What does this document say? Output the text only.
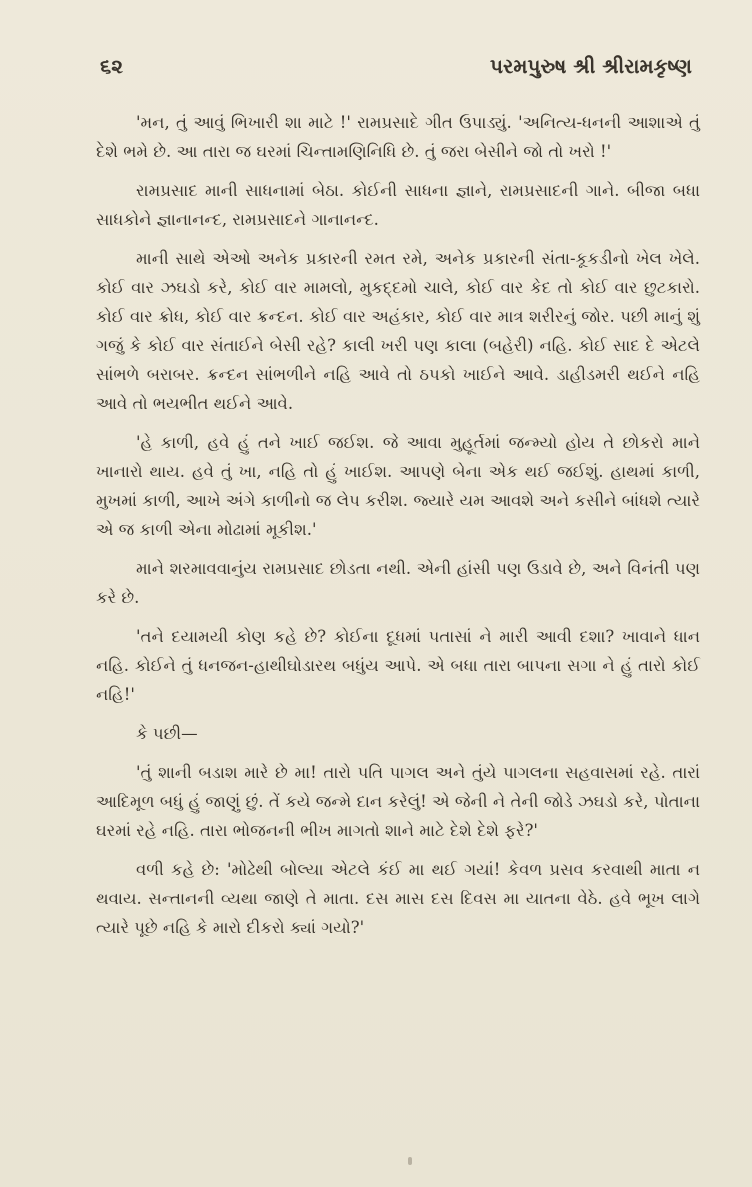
૬૨	પરમપુરુષ શ્રી શ્રીરામકૃષ્ણ

'મન, તું આવું ભિખારી શા માટે !' રામપ્રસાદે ગીત ઉપાડ્યું. 'અનિત્ય-ધનની આશાએ તું દેશે ભમે છે. આ તારા જ ઘરમાં ચિન્તામણિનિધિ છે. તું જરા બેસીને જો તો ખરો !'

રામપ્રસાદ માની સાધનામાં બેઠા. કોઈની સાધના જ્ઞાને, રામપ્રસાદની ગાને. બીજા બધા સાધકોને જ્ઞાનાનન્દ, રામપ્રસાદને ગાનાનન્દ.

માની સાથે એઓ અનેક પ્રકારની રમત રમે, અનેક પ્રકારની સંતા-કૂકડીનો ખેલ ખેલે. કોઈ વાર ઝઘડો કરે, કોઈ વાર મામલો, મુકદ્દમો ચાલે, કોઈ વાર કેદ તો કોઈ વાર છુટકારો. કોઈ વાર ક્રોધ, કોઈ વાર ક્રન્દન. કોઈ વાર અહંકાર, કોઈ વાર માત્ર શરીરનું જોર. પછી માનું શું ગજું કે કોઈ વાર સંતાઈને બેસી રહે? કાલી ખરી પણ કાલા (બહેરી) નહિ. કોઈ સાદ દે એટલે સાંભળે બરાબર. ક્રન્દન સાંભળીને નહિ આવે તો ઠપકો ખાઈને આવે. ડાહીડમરી થઈને નહિ આવે તો ભયભીત થઈને આવે.

'હે કાળી, હવે હું તને ખાઈ જઈશ. જે આવા મુહૂર્તમાં જન્મ્યો હોય તે છોકરો માને ખાનારો થાય. હવે તું ખા, નહિ તો હું ખાઈશ. આપણે બેના એક થઈ જઈશું. હાથમાં કાળી, મુખમાં કાળી, આખે અંગે કાળીનો જ લેપ કરીશ. જ્યારે યમ આવશે અને કસીને બાંધશે ત્યારે એ જ કાળી એના મોઢામાં મૂકીશ.'

માને શરમાવવાનુંય રામપ્રસાદ છોડતા નથી. એની હાંસી પણ ઉડાવે છે, અને વિનંતી પણ કરે છે.

'તને દયામયી કોણ કહે છે? કોઈના દૂધમાં પતાસાં ને મારી આવી દશા? ખાવાને ધાન નહિ. કોઈને તું ધનજન-હાથીઘોડારથ બધુંય આપે. એ બધા તારા બાપના સગા ને હું તારો કોઈ નહિ!'

કે પછી—

'તું શાની બડાશ મારે છે મા! તારો પતિ પાગલ અને તુંયે પાગલના સહવાસમાં રહે. તારાં આદિમૂળ બધું હું જાણું છું. તેં કયે જન્મે દાન કરેલું! એ જેની ને તેની જોડે ઝઘડો કરે, પોતાના ઘરમાં રહે નહિ. તારા ભોજનની ભીખ માગતો શાને માટે દેશે દેશે ફરે?'

વળી કહે છે: 'મોઢેથી બોલ્યા એટલે કંઈ મા થઈ ગયાં! કેવળ પ્રસવ કરવાથી માતા ન થવાય. સન્તાનની વ્યથા જાણે તે માતા. દસ માસ દસ દિવસ મા યાતના વેઠે. હવે ભૂખ લાગે ત્યારે પૂછે નહિ કે મારો દીકરો ક્યાં ગયો?'
